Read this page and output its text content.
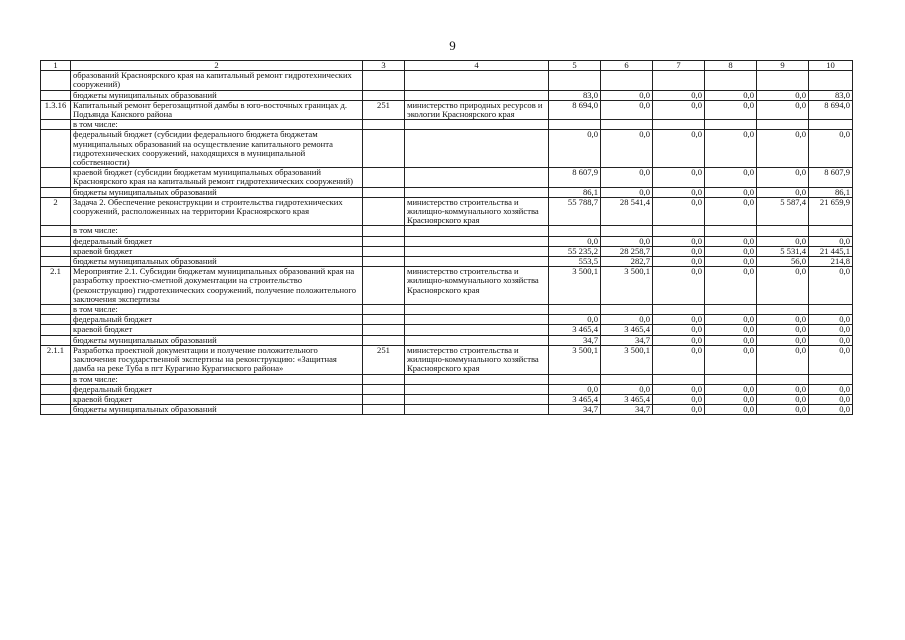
9
1	2	3	4	5	6	7	8	9	10
	образований Красноярского края на капитальный ремонт гидротехнических сооружений)								
	бюджеты муниципальных образований			83,0	0,0	0,0	0,0	0,0	83,0
1.3.16	Капитальный ремонт берегозащитной дамбы в юго-восточных границах д. Подъянда Канского района	251	министерство природных ресурсов и экологии Красноярского края	8 694,0	0,0	0,0	0,0	0,0	8 694,0
	в том числе:								
	федеральный бюджет (субсидии федерального бюджета бюджетам муниципальных образований на осуществление капитального ремонта гидротехнических сооружений, находящихся в муниципальной собственности)			0,0	0,0	0,0	0,0	0,0	0,0
	краевой бюджет (субсидии бюджетам муниципальных образований Красноярского края на капитальный ремонт гидротехнических сооружений)			8 607,9	0,0	0,0	0,0	0,0	8 607,9
	бюджеты муниципальных образований			86,1	0,0	0,0	0,0	0,0	86,1
2	Задача 2. Обеспечение реконструкции и строительства гидротехнических сооружений, расположенных на территории Красноярского края		министерство строительства и жилищно-коммунального хозяйства Красноярского края	55 788,7	28 541,4	0,0	0,0	5 587,4	21 659,9
	в том числе:								
	федеральный бюджет			0,0	0,0	0,0	0,0	0,0	0,0
	краевой бюджет			55 235,2	28 258,7	0,0	0,0	5 531,4	21 445,1
	бюджеты муниципальных образований			553,5	282,7	0,0	0,0	56,0	214,8
2.1	Мероприятие 2.1. Субсидии бюджетам муниципальных образований края на разработку проектно-сметной документации на строительство (реконструкцию) гидротехнических сооружений, получение положительного заключения экспертизы		министерство строительства и жилищно-коммунального хозяйства Красноярского края	3 500,1	3 500,1	0,0	0,0	0,0	0,0
	в том числе:								
	федеральный бюджет			0,0	0,0	0,0	0,0	0,0	0,0
	краевой бюджет			3 465,4	3 465,4	0,0	0,0	0,0	0,0
	бюджеты муниципальных образований			34,7	34,7	0,0	0,0	0,0	0,0
2.1.1	Разработка проектной документации и получение положительного заключения государственной экспертизы на реконструкцию: «Защитная дамба на реке Туба в пгт Курагино Курагинского района»	251	министерство строительства и жилищно-коммунального хозяйства Красноярского края	3 500,1	3 500,1	0,0	0,0	0,0	0,0
	в том числе:								
	федеральный бюджет			0,0	0,0	0,0	0,0	0,0	0,0
	краевой бюджет			3 465,4	3 465,4	0,0	0,0	0,0	0,0
	бюджеты муниципальных образований			34,7	34,7	0,0	0,0	0,0	0,0
